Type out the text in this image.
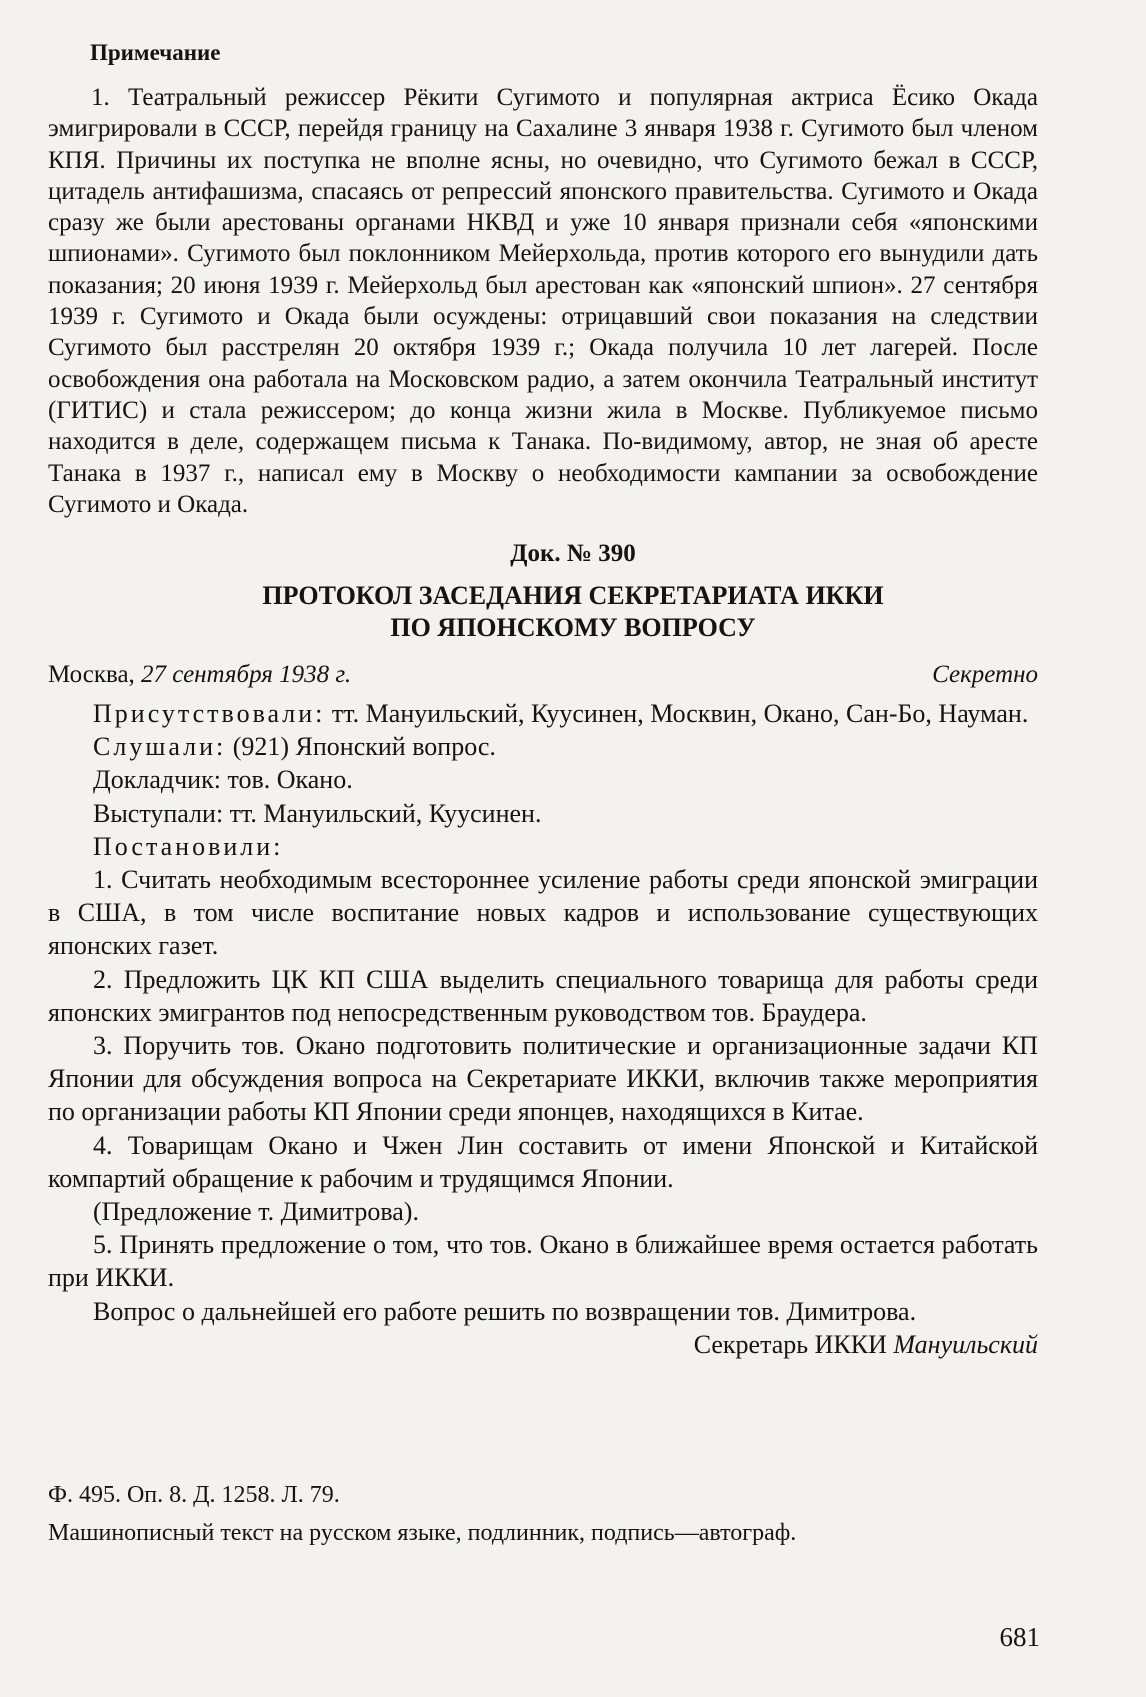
Примечание
1. Театральный режиссер Рёкити Сугимото и популярная актриса Ёсико Окада эмигрировали в СССР, перейдя границу на Сахалине 3 января 1938 г. Сугимото был членом КПЯ. Причины их поступка не вполне ясны, но очевидно, что Сугимото бежал в СССР, цитадель антифашизма, спасаясь от репрессий японского правительства. Сугимото и Окада сразу же были арестованы органами НКВД и уже 10 января признали себя «японскими шпионами». Сугимото был поклонником Мейерхольда, против которого его вынудили дать показания; 20 июня 1939 г. Мейерхольд был арестован как «японский шпион». 27 сентября 1939 г. Сугимото и Окада были осуждены: отрицавший свои показания на следствии Сугимото был расстрелян 20 октября 1939 г.; Окада получила 10 лет лагерей. После освобождения она работала на Московском радио, а затем окончила Театральный институт (ГИТИС) и стала режиссером; до конца жизни жила в Москве. Публикуемое письмо находится в деле, содержащем письма к Танака. По-видимому, автор, не зная об аресте Танака в 1937 г., написал ему в Москву о необходимости кампании за освобождение Сугимото и Окада.
Док. № 390
ПРОТОКОЛ ЗАСЕДАНИЯ СЕКРЕТАРИАТА ИККИ
ПО ЯПОНСКОМУ ВОПРОСУ
Москва, 27 сентября 1938 г.	Секретно

Присутствовали: тт. Мануильский, Куусинен, Москвин, Окано, Сан-Бо, Науман.

Слушали: (921) Японский вопрос.

Докладчик: тов. Окано.

Выступали: тт. Мануильский, Куусинен.

Постановили:

1. Считать необходимым всестороннее усиление работы среди японской эмиграции в США, в том числе воспитание новых кадров и использование существующих японских газет.

2. Предложить ЦК КП США выделить специального товарища для работы среди японских эмигрантов под непосредственным руководством тов. Браудера.

3. Поручить тов. Окано подготовить политические и организационные задачи КП Японии для обсуждения вопроса на Секретариате ИККИ, включив также мероприятия по организации работы КП Японии среди японцев, находящихся в Китае.

4. Товарищам Окано и Чжен Лин составить от имени Японской и Китайской компартий обращение к рабочим и трудящимся Японии.

(Предложение т. Димитрова).

5. Принять предложение о том, что тов. Окано в ближайшее время остается работать при ИККИ.

Вопрос о дальнейшей его работе решить по возвращении тов. Димитрова.

Секретарь ИККИ Мануильский

Ф. 495. Оп. 8. Д. 1258. Л. 79.
Машинописный текст на русском языке, подлинник, подпись—автограф.
681
